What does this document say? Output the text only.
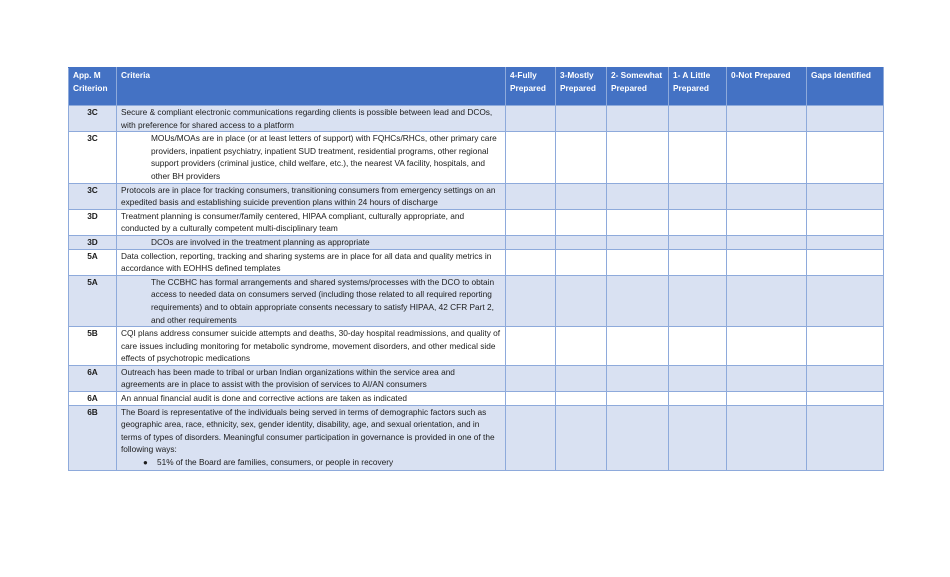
App. M Criterion	Criteria	4-Fully Prepared	3-Mostly Prepared	2- Somewhat Prepared	1- A Little Prepared	0-Not Prepared	Gaps Identified
3C	Secure & compliant electronic communications regarding clients is possible between lead and DCOs, with preference for shared access to a platform						
3C	MOUs/MOAs are in place (or at least letters of support) with FQHCs/RHCs, other primary care providers, inpatient psychiatry, inpatient SUD treatment, residential programs, other regional support providers (criminal justice, child welfare, etc.), the nearest VA facility, hospitals, and other BH providers						
3C	Protocols are in place for tracking consumers, transitioning consumers from emergency settings on an expedited basis and establishing suicide prevention plans within 24 hours of discharge						
3D	Treatment planning is consumer/family centered, HIPAA compliant, culturally appropriate, and conducted by a culturally competent multi-disciplinary team						
3D	DCOs are involved in the treatment planning as appropriate						
5A	Data collection, reporting, tracking and sharing systems are in place for all data and quality metrics in accordance with EOHHS defined templates						
5A	The CCBHC has formal arrangements and shared systems/processes with the DCO to obtain access to needed data on consumers served (including those related to all required reporting requirements) and to obtain appropriate consents necessary to satisfy HIPAA, 42 CFR Part 2, and other requirements						
5B	CQI plans address consumer suicide attempts and deaths, 30-day hospital readmissions, and quality of care issues including monitoring for metabolic syndrome, movement disorders, and other medical side effects of psychotropic medications						
6A	Outreach has been made to tribal or urban Indian organizations within the service area and agreements are in place to assist with the provision of services to AI/AN consumers						
6A	An annual financial audit is done and corrective actions are taken as indicated						
6B	The Board is representative of the individuals being served in terms of demographic factors such as geographic area, race, ethnicity, sex, gender identity, disability, age, and sexual orientation, and in terms of types of disorders. Meaningful consumer participation in governance is provided in one of the following ways:
● 51% of the Board are families, consumers, or people in recovery						
